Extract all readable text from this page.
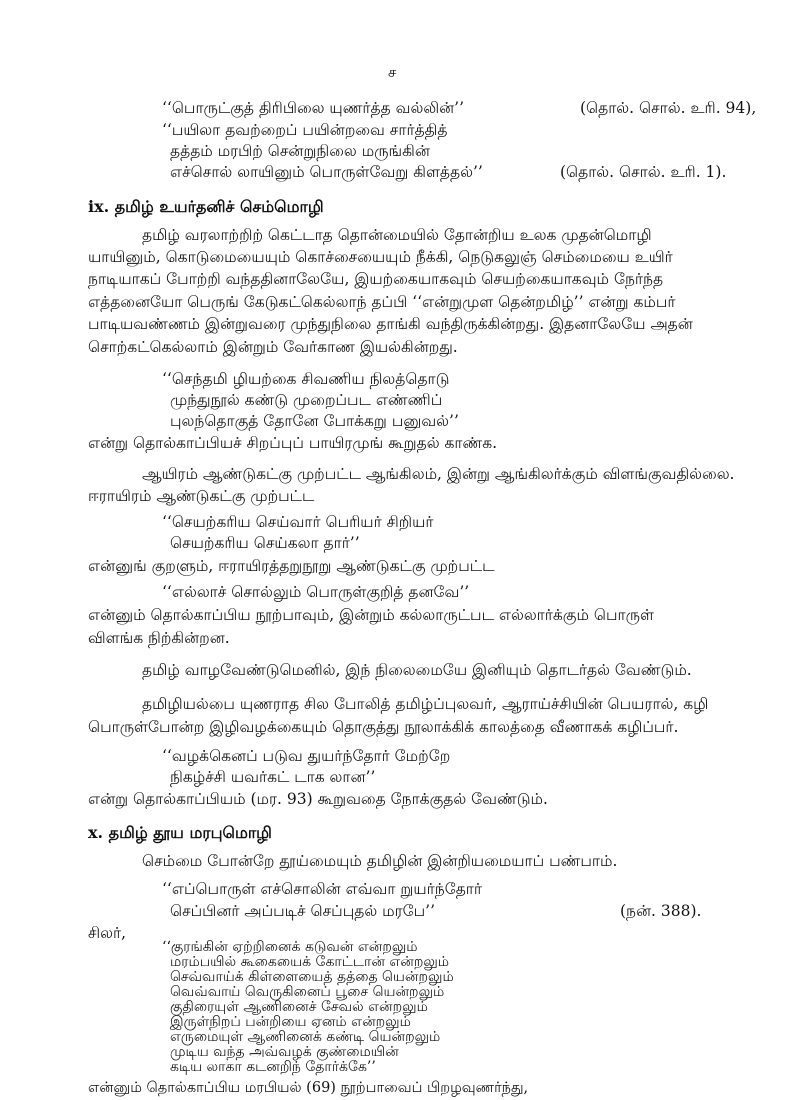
ச
‘‘பொருட்குத் திரிபிலை யுணர்த்த வல்லின்’’	(தொல். சொல். உரி. 94),
‘‘பயிலா தவற்றைப் பயின்றவை சார்த்தித்
தத்தம் மரபிற் சென்றுநிலை மருங்கின்
எச்சொல் லாயினும் பொருள்வேறு கிளத்தல்’’	(தொல். சொல். உரி. 1).
ix. தமிழ் உயர்தனிச் செம்மொழி
தமிழ் வரலாற்றிற் கெட்டாத தொன்மையில் தோன்றிய உலக முதன்மொழி
யாயினும், கொடுமையையும் கொச்சையையும் நீக்கி, நெடுகலுஞ் செம்மையை உயிர்
நாடியாகப் போற்றி வந்ததினாலேயே, இயற்கையாகவும் செயற்கையாகவும் நேர்ந்த
எத்தனையோ பெருங் கேடுகட்கெல்லாந் தப்பி ‘‘என்றுமுள தென்றமிழ்’’ என்று கம்பர்
பாடியவண்ணம் இன்றுவரை முந்துநிலை தாங்கி வந்திருக்கின்றது. இதனாலேயே அதன்
சொற்கட்கெல்லாம் இன்றும் வேர்காண இயல்கின்றது.
‘‘செந்தமி ழியற்கை சிவணிய நிலத்தொடு
முந்துநூல் கண்டு முறைப்பட எண்ணிப்
புலந்தொகுத் தோனே போக்கறு பனுவல்’’
என்று தொல்காப்பியச் சிறப்புப் பாயிரமுங் கூறுதல் காண்க.
ஆயிரம் ஆண்டுகட்கு முற்பட்ட ஆங்கிலம், இன்று ஆங்கிலர்க்கும் விளங்குவதில்லை.
ஈராயிரம் ஆண்டுகட்கு முற்பட்ட
‘‘செயற்கரிய செய்வார் பெரியர் சிறியர்
செயற்கரிய செய்கலா தார்’’
என்னுங் குறளும், ஈராயிரத்தறுநூறு ஆண்டுகட்கு முற்பட்ட
‘‘எல்லாச் சொல்லும் பொருள்குறித் தனவே’’
என்னும் தொல்காப்பிய நூற்பாவும், இன்றும் கல்லாருட்பட எல்லார்க்கும் பொருள்
விளங்க நிற்கின்றன.
தமிழ் வாழவேண்டுமெனில், இந் நிலைமையே இனியும் தொடர்தல் வேண்டும்.
தமிழியல்பை யுணராத சில போலித் தமிழ்ப்புலவர், ஆராய்ச்சியின் பெயரால், கழி
பொருள்போன்ற இழிவழக்கையும் தொகுத்து நூலாக்கிக் காலத்தை வீணாகக் கழிப்பர்.
‘‘வழக்கெனப் படுவ துயர்ந்தோர் மேற்றே
நிகழ்ச்சி யவர்கட் டாக லான’’
என்று தொல்காப்பியம் (மர. 93) கூறுவதை நோக்குதல் வேண்டும்.
x. தமிழ் தூய மரபுமொழி
செம்மை போன்றே தூய்மையும் தமிழின் இன்றியமையாப் பண்பாம்.
‘‘எப்பொருள் எச்சொலின் எவ்வா றுயர்ந்தோர்
செப்பினர் அப்படிச் செப்புதல் மரபே’’	(நன். 388).
சிலர்,
‘‘குரங்கின் ஏற்றினைக் கடுவன் என்றலும்
மரம்பயில் கூகையைக் கோட்டான் என்றலும்
செவ்வாய்க் கிள்ளையைத் தத்தை யென்றலும்
வெவ்வாய் வெருகினைப் பூசை யென்றலும்
குதிரையுள் ஆணினைச் சேவல் என்றலும்
இருள்நிறப் பன்றியை ஏனம் என்றலும்
எருமையுள் ஆணினைக் கண்டி யென்றலும்
முடிய வந்த அவ்வழக் குண்மையின்
கடிய லாகா கடனறிந் தோர்க்கே’’
என்னும் தொல்காப்பிய மரபியல் (69) நூற்பாவைப் பிறழவுணர்ந்து,
